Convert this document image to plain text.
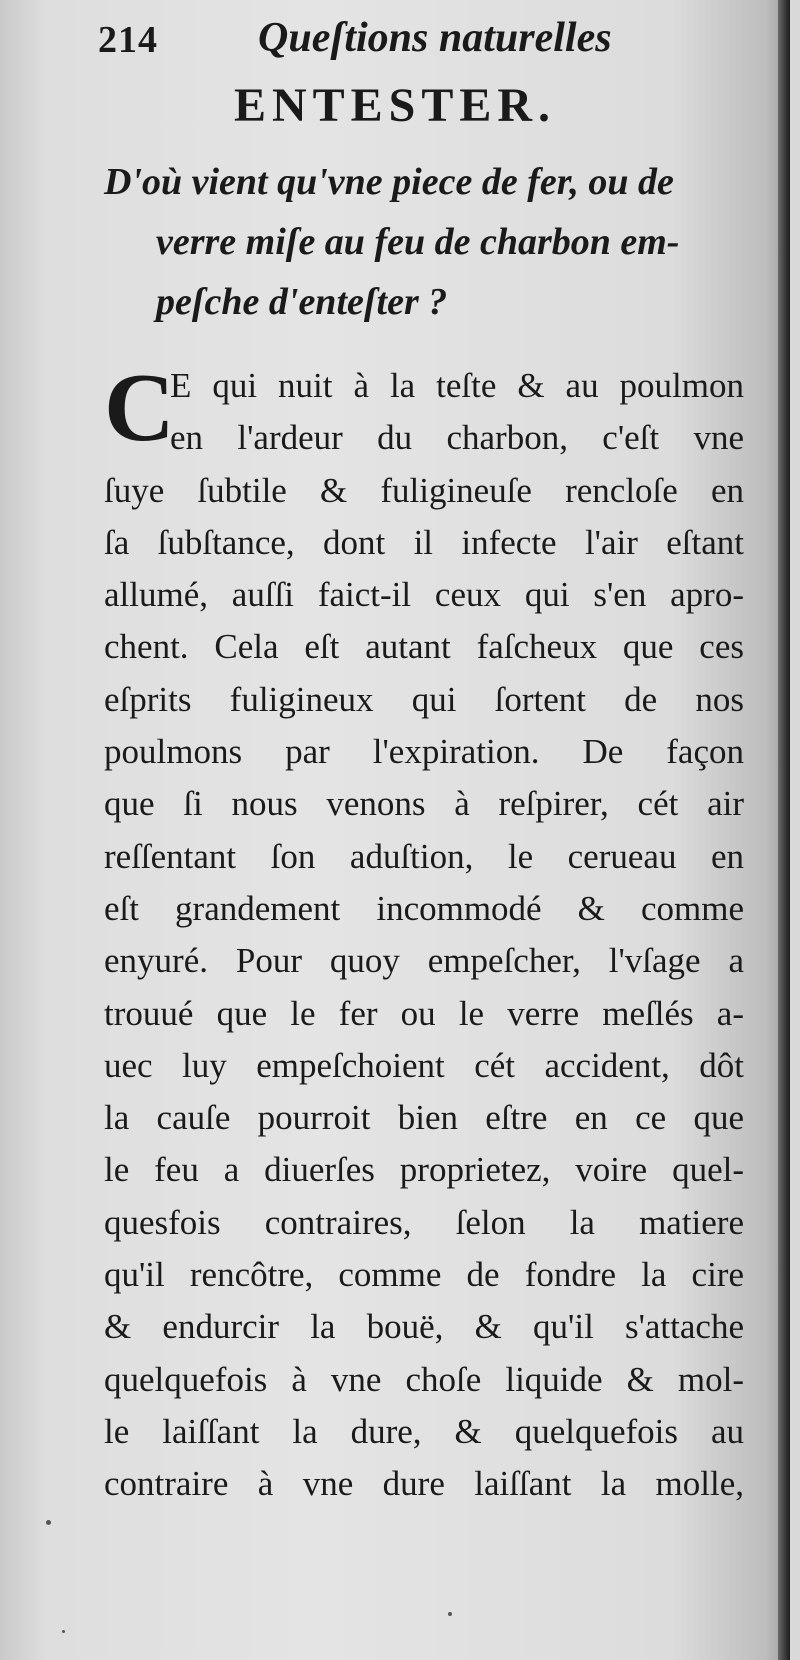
214 Queſtions naturelles
ENTESTER.
D'où vient qu'vne piece de fer, ou de
verre miſe au feu de charbon em-
peſche d'enteſter ?
C
E qui nuit à la teſte & au poulmon
en l'ardeur du charbon, c'eſt vne
ſuye ſubtile & fuligineuſe rencloſe en
ſa ſubſtance, dont il infecte l'air eſtant
allumé, auſſi faict-il ceux qui s'en apro-
chent. Cela eſt autant faſcheux que ces
eſprits fuligineux qui ſortent de nos
poulmons par l'expiration. De façon
que ſi nous venons à reſpirer, cét air
reſſentant ſon aduſtion, le cerueau en
eſt grandement incommodé & comme
enyuré. Pour quoy empeſcher, l'vſage a
trouué que le fer ou le verre meſlés a-
uec luy empeſchoient cét accident, dôt
la cauſe pourroit bien eſtre en ce que
le feu a diuerſes proprietez, voire quel-
quesfois contraires, ſelon la matiere
qu'il rencôtre, comme de fondre la cire
& endurcir la bouë, & qu'il s'attache
quelquefois à vne choſe liquide & mol-
le laiſſant la dure, & quelquefois au
contraire à vne dure laiſſant la molle,
